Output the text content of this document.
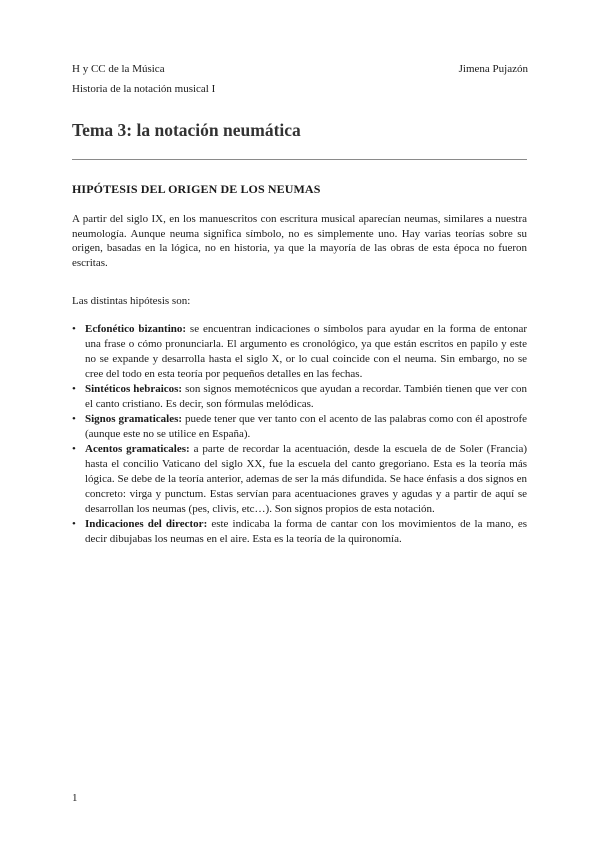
H y CC de la Música
Historia de la notación musical I
Jimena Pujazón
Tema 3: la notación neumática
HIPÓTESIS DEL ORIGEN DE LOS NEUMAS

A partir del siglo IX, en los manuescritos con escritura musical aparecían neumas, similares a nuestra neumología. Aunque neuma significa símbolo, no es simplemente uno. Hay varias teorías sobre su origen, basadas en la lógica, no en historia, ya que la mayoría de las obras de esta época no fueron escritas.

Las distintas hipótesis son:

• Ecfonético bizantino: se encuentran indicaciones o símbolos para ayudar en la forma de entonar una frase o cómo pronunciarla. El argumento es cronológico, ya que están escritos en papilo y este no se expande y desarrolla hasta el siglo X, or lo cual coincide con el neuma. Sin embargo, no se cree del todo en esta teoría por pequeños detalles en las fechas.
• Sintéticos hebraicos: son signos memotécnicos que ayudan a recordar. También tienen que ver con el canto cristiano. Es decir, son fórmulas melódicas.
• Signos gramaticales: puede tener que ver tanto con el acento de las palabras como con él apostrofe (aunque este no se utilice en España).
• Acentos gramaticales: a parte de recordar la acentuación, desde la escuela de de Soler (Francia) hasta el concilio Vaticano del siglo XX, fue la escuela del canto gregoriano. Esta es la teoría más lógica. Se debe de la teoría anterior, ademas de ser la más difundida. Se hace énfasis a dos signos en concreto: virga y punctum. Estas servían para acentuaciones graves y agudas y a partir de aquí se desarrollan los neumas (pes, clivis, etc…). Son signos propios de esta notación.
• Indicaciones del director: este indicaba la forma de cantar con los movimientos de la mano, es decir dibujabas los neumas en el aire. Esta es la teoría de la quironomía.
1
